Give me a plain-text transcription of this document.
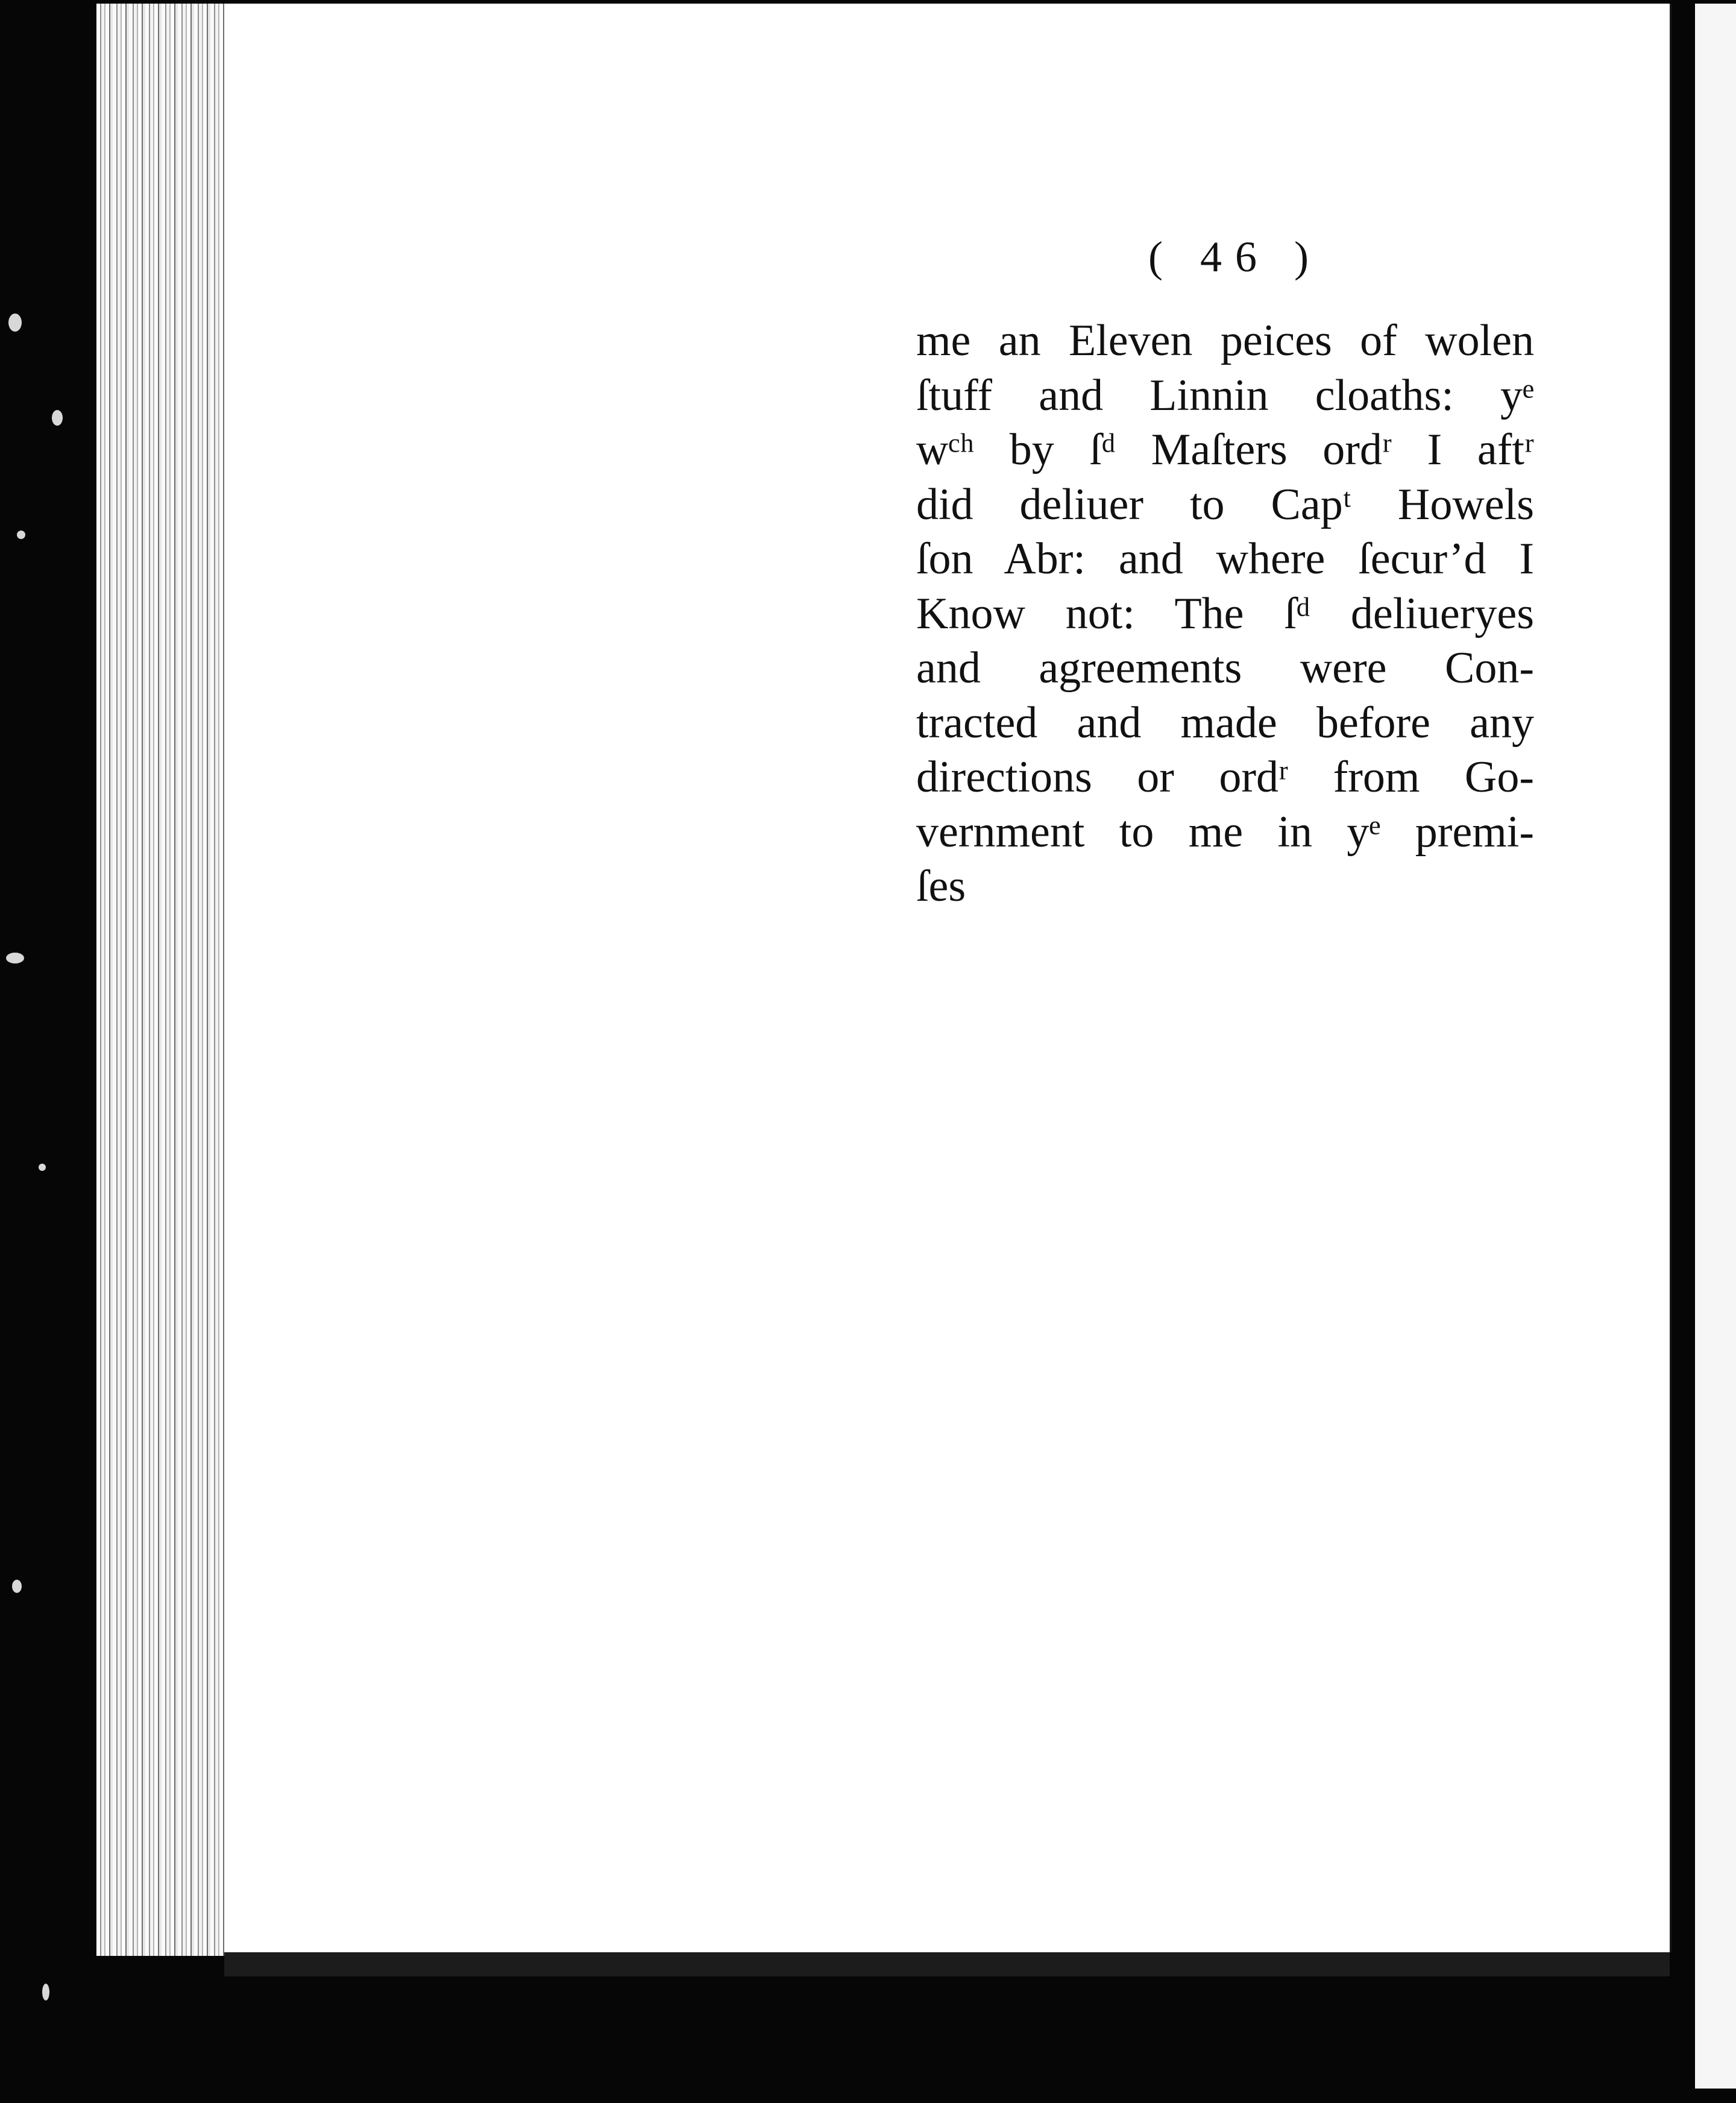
( 46 )
me an Eleven peices of wolen
ſtuff and Linnin cloaths: yᵉ
wᶜʰ by ſᵈ Maſters ordʳ I aftʳ
did deliuer to Capᵗ Howels
ſon Abr: and where ſecur’d I
Know not: The ſᵈ deliueryes
and agreements were Con-
tracted and made before any
directions or ordʳ from Go-
vernment to me in yᵉ premi-
ſes
